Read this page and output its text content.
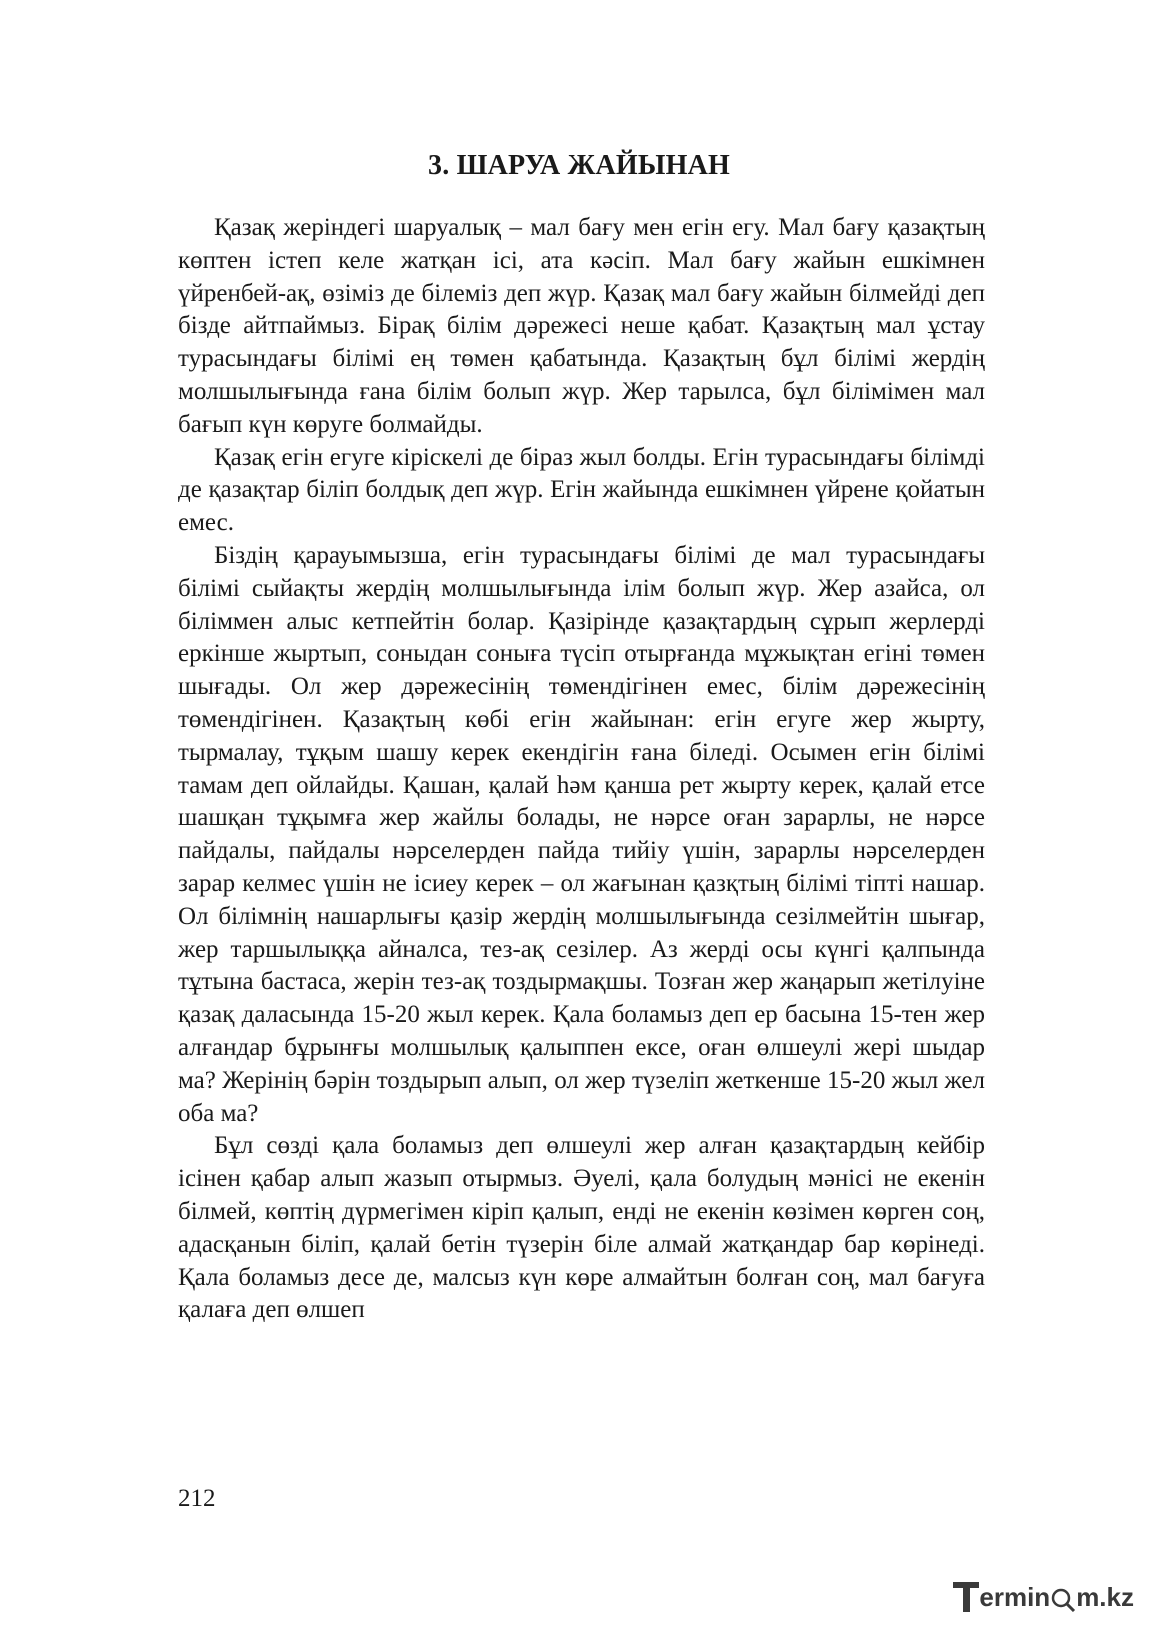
3. ШАРУА ЖАЙЫНАН

Қазақ жеріндегі шаруалық – мал бағу мен егін егу. Мал бағу қазақтың көптен істеп келе жатқан ісі, ата кәсіп. Мал бағу жайын ешкімнен үйренбей-ақ, өзіміз де білеміз деп жүр. Қазақ мал бағу жайын білмейді деп бізде айтпаймыз. Бірақ білім дәрежесі неше қабат. Қазақтың мал ұстау турасындағы білімі ең төмен қабатында. Қазақтың бұл білімі жердің молшылығында ғана білім болып жүр. Жер тарылса, бұл білімімен мал бағып күн көруге болмайды.

Қазақ егін егуге кіріскелі де біраз жыл болды. Егін турасындағы білімді де қазақтар біліп болдық деп жүр. Егін жайында ешкімнен үйрене қойатын емес.

Біздің қарауымызша, егін турасындағы білімі де мал турасындағы білімі сыйақты жердің молшылығында ілім болып жүр. Жер азайса, ол біліммен алыс кетпейтін болар. Қазірінде қазақтардың сұрып жерлерді еркінше жыртып, соныдан соныға түсіп отырғанда мұжықтан егіні төмен шығады. Ол жер дәрежесінің төмендігінен емес, білім дәрежесінің төмендігінен. Қазақтың көбі егін жайынан: егін егуге жер жырту, тырмалау, тұқым шашу керек екендігін ғана біледі. Осымен егін білімі тамам деп ойлайды. Қашан, қалай һәм қанша рет жырту керек, қалай етсе шашқан тұқымға жер жайлы болады, не нәрсе оған зарарлы, не нәрсе пайдалы, пайдалы нәрселерден пайда тийіу үшін, зарарлы нәрселерден зарар келмес үшін не ісиеу керек – ол жағынан қазқтың білімі тіпті нашар. Ол білімнің нашарлығы қазір жердің молшылығында сезілмейтін шығар, жер таршылыққа айналса, тез-ақ сезілер. Аз жерді осы күнгі қалпында тұтына бастаса, жерін тез-ақ тоздырмақшы. Тозған жер жаңарып жетілуіне қазақ даласында 15-20 жыл керек. Қала боламыз деп ер басына 15-тен жер алғандар бұрынғы молшылық қалыппен ексе, оған өлшеулі жері шыдар ма? Жерінің бәрін тоздырып алып, ол жер түзеліп жеткенше 15-20 жыл жел оба ма?

Бұл сөзді қала боламыз деп өлшеулі жер алған қазақтардың кейбір ісінен қабар алып жазып отырмыз. Әуелі, қала болудың мәнісі не екенін білмей, көптің дүрмегімен кіріп қалып, енді не екенін көзімен көрген соң, адасқанын біліп, қалай бетін түзерін біле алмай жатқандар бар көрінеді. Қала боламыз десе де, малсыз күн көре алмайтын болған соң, мал бағуға қалаға деп өлшеп

212
ermin m.kz
